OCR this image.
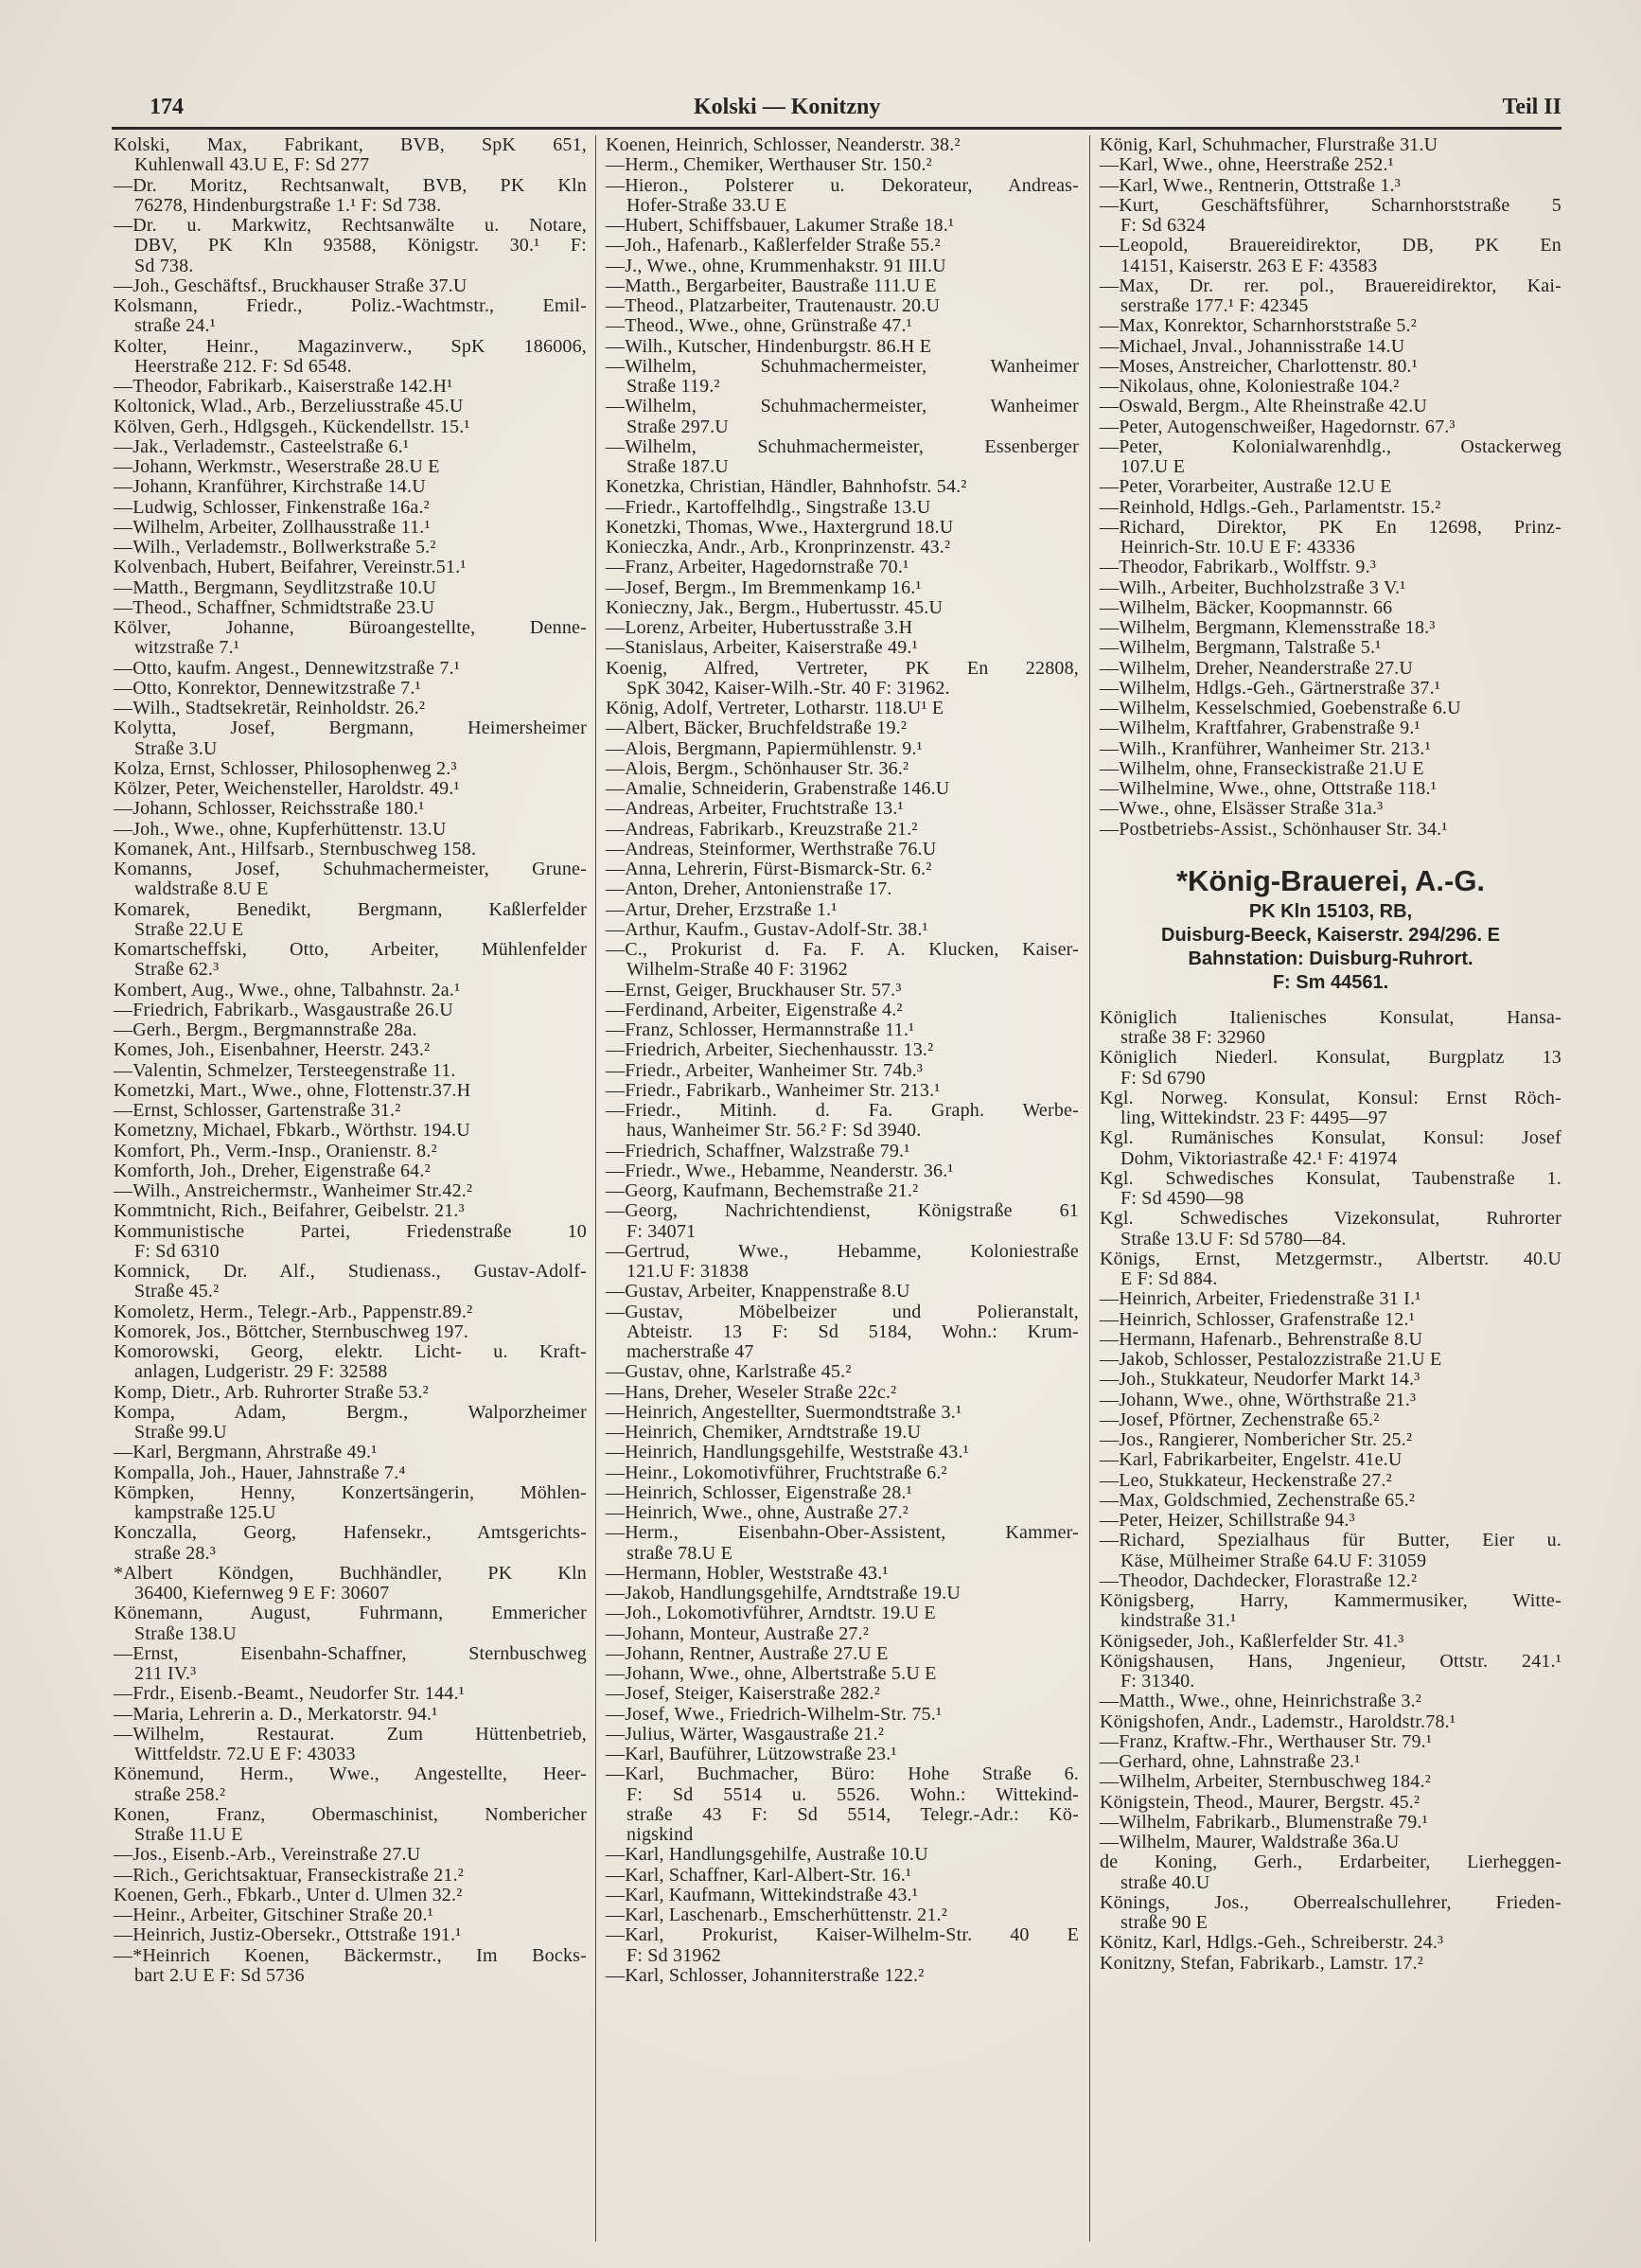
174	Kolski — Konitzny	Teil II
Kolski, Max, Fabrikant, BVB, SpK 651,
Kuhlenwall 43.U E, F: Sd 277
—Dr. Moritz, Rechtsanwalt, BVB, PK Kln
76278, Hindenburgstraße 1.¹ F: Sd 738.
—Dr. u. Markwitz, Rechtsanwälte u. Notare,
DBV, PK Kln 93588, Königstr. 30.¹ F:
Sd 738.
—Joh., Geschäftsf., Bruckhauser Straße 37.U
Kolsmann, Friedr., Poliz.-Wachtmstr., Emil-
straße 24.¹
Kolter, Heinr., Magazinverw., SpK 186006,
Heerstraße 212. F: Sd 6548.
—Theodor, Fabrikarb., Kaiserstraße 142.H¹
Koltonick, Wlad., Arb., Berzeliusstraße 45.U
Kölven, Gerh., Hdlgsgeh., Kückendellstr. 15.¹
—Jak., Verlademstr., Casteelstraße 6.¹
—Johann, Werkmstr., Weserstraße 28.U E
—Johann, Kranführer, Kirchstraße 14.U
—Ludwig, Schlosser, Finkenstraße 16a.²
—Wilhelm, Arbeiter, Zollhausstraße 11.¹
—Wilh., Verlademstr., Bollwerkstraße 5.²
Kolvenbach, Hubert, Beifahrer, Vereinstr.51.¹
—Matth., Bergmann, Seydlitzstraße 10.U
—Theod., Schaffner, Schmidtstraße 23.U
Kölver, Johanne, Büroangestellte, Denne-
witzstraße 7.¹
—Otto, kaufm. Angest., Dennewitzstraße 7.¹
—Otto, Konrektor, Dennewitzstraße 7.¹
—Wilh., Stadtsekretär, Reinholdstr. 26.²
Kolytta, Josef, Bergmann, Heimersheimer
Straße 3.U
Kolza, Ernst, Schlosser, Philosophenweg 2.³
Kölzer, Peter, Weichensteller, Haroldstr. 49.¹
—Johann, Schlosser, Reichsstraße 180.¹
—Joh., Wwe., ohne, Kupferhüttenstr. 13.U
Komanek, Ant., Hilfsarb., Sternbuschweg 158.
Komanns, Josef, Schuhmachermeister, Grune-
waldstraße 8.U E
Komarek, Benedikt, Bergmann, Kaßlerfelder
Straße 22.U E
Komartscheffski, Otto, Arbeiter, Mühlenfelder
Straße 62.³
Kombert, Aug., Wwe., ohne, Talbahnstr. 2a.¹
—Friedrich, Fabrikarb., Wasgaustraße 26.U
—Gerh., Bergm., Bergmannstraße 28a.
Komes, Joh., Eisenbahner, Heerstr. 243.²
—Valentin, Schmelzer, Tersteegenstraße 11.
Kometzki, Mart., Wwe., ohne, Flottenstr.37.H
—Ernst, Schlosser, Gartenstraße 31.²
Kometzny, Michael, Fbkarb., Wörthstr. 194.U
Komfort, Ph., Verm.-Insp., Oranienstr. 8.²
Komforth, Joh., Dreher, Eigenstraße 64.²
—Wilh., Anstreichermstr., Wanheimer Str.42.²
Kommtnicht, Rich., Beifahrer, Geibelstr. 21.³
Kommunistische Partei, Friedenstraße 10
F: Sd 6310
Komnick, Dr. Alf., Studienass., Gustav-Adolf-
Straße 45.²
Komoletz, Herm., Telegr.-Arb., Pappenstr.89.²
Komorek, Jos., Böttcher, Sternbuschweg 197.
Komorowski, Georg, elektr. Licht- u. Kraft-
anlagen, Ludgeristr. 29 F: 32588
Komp, Dietr., Arb. Ruhrorter Straße 53.²
Kompa, Adam, Bergm., Walporzheimer
Straße 99.U
—Karl, Bergmann, Ahrstraße 49.¹
Kompalla, Joh., Hauer, Jahnstraße 7.⁴
Kömpken, Henny, Konzertsängerin, Möhlen-
kampstraße 125.U
Konczalla, Georg, Hafensekr., Amtsgerichts-
straße 28.³
*Albert Köndgen, Buchhändler, PK Kln
36400, Kiefernweg 9 E F: 30607
Könemann, August, Fuhrmann, Emmericher
Straße 138.U
—Ernst, Eisenbahn-Schaffner, Sternbuschweg
211 IV.³
—Frdr., Eisenb.-Beamt., Neudorfer Str. 144.¹
—Maria, Lehrerin a. D., Merkatorstr. 94.¹
—Wilhelm, Restaurat. Zum Hüttenbetrieb,
Wittfeldstr. 72.U E F: 43033
Könemund, Herm., Wwe., Angestellte, Heer-
straße 258.²
Konen, Franz, Obermaschinist, Nombericher
Straße 11.U E
—Jos., Eisenb.-Arb., Vereinstraße 27.U
—Rich., Gerichtsaktuar, Franseckistraße 21.²
Koenen, Gerh., Fbkarb., Unter d. Ulmen 32.²
—Heinr., Arbeiter, Gitschiner Straße 20.¹
—Heinrich, Justiz-Obersekr., Ottstraße 191.¹
—*Heinrich Koenen, Bäckermstr., Im Bocks-
bart 2.U E F: Sd 5736
Koenen, Heinrich, Schlosser, Neanderstr. 38.²
—Herm., Chemiker, Werthauser Str. 150.²
—Hieron., Polsterer u. Dekorateur, Andreas-
Hofer-Straße 33.U E
—Hubert, Schiffsbauer, Lakumer Straße 18.¹
—Joh., Hafenarb., Kaßlerfelder Straße 55.²
—J., Wwe., ohne, Krummenhakstr. 91 III.U
—Matth., Bergarbeiter, Baustraße 111.U E
—Theod., Platzarbeiter, Trautenaustr. 20.U
—Theod., Wwe., ohne, Grünstraße 47.¹
—Wilh., Kutscher, Hindenburgstr. 86.H E
—Wilhelm, Schuhmachermeister, Wanheimer
Straße 119.²
—Wilhelm, Schuhmachermeister, Wanheimer
Straße 297.U
—Wilhelm, Schuhmachermeister, Essenberger
Straße 187.U
Konetzka, Christian, Händler, Bahnhofstr. 54.²
—Friedr., Kartoffelhdlg., Singstraße 13.U
Konetzki, Thomas, Wwe., Haxtergrund 18.U
Konieczka, Andr., Arb., Kronprinzenstr. 43.²
—Franz, Arbeiter, Hagedornstraße 70.¹
—Josef, Bergm., Im Bremmenkamp 16.¹
Konieczny, Jak., Bergm., Hubertusstr. 45.U
—Lorenz, Arbeiter, Hubertusstraße 3.H
—Stanislaus, Arbeiter, Kaiserstraße 49.¹
Koenig, Alfred, Vertreter, PK En 22808,
SpK 3042, Kaiser-Wilh.-Str. 40 F: 31962.
König, Adolf, Vertreter, Lotharstr. 118.U¹ E
—Albert, Bäcker, Bruchfeldstraße 19.²
—Alois, Bergmann, Papiermühlenstr. 9.¹
—Alois, Bergm., Schönhauser Str. 36.²
—Amalie, Schneiderin, Grabenstraße 146.U
—Andreas, Arbeiter, Fruchtstraße 13.¹
—Andreas, Fabrikarb., Kreuzstraße 21.²
—Andreas, Steinformer, Werthstraße 76.U
—Anna, Lehrerin, Fürst-Bismarck-Str. 6.²
—Anton, Dreher, Antonienstraße 17.
—Artur, Dreher, Erzstraße 1.¹
—Arthur, Kaufm., Gustav-Adolf-Str. 38.¹
—C., Prokurist d. Fa. F. A. Klucken, Kaiser-
Wilhelm-Straße 40 F: 31962
—Ernst, Geiger, Bruckhauser Str. 57.³
—Ferdinand, Arbeiter, Eigenstraße 4.²
—Franz, Schlosser, Hermannstraße 11.¹
—Friedrich, Arbeiter, Siechenhausstr. 13.²
—Friedr., Arbeiter, Wanheimer Str. 74b.³
—Friedr., Fabrikarb., Wanheimer Str. 213.¹
—Friedr., Mitinh. d. Fa. Graph. Werbe-
haus, Wanheimer Str. 56.² F: Sd 3940.
—Friedrich, Schaffner, Walzstraße 79.¹
—Friedr., Wwe., Hebamme, Neanderstr. 36.¹
—Georg, Kaufmann, Bechemstraße 21.²
—Georg, Nachrichtendienst, Königstraße 61
F: 34071
—Gertrud, Wwe., Hebamme, Koloniestraße
121.U F: 31838
—Gustav, Arbeiter, Knappenstraße 8.U
—Gustav, Möbelbeizer und Polieranstalt,
Abteistr. 13 F: Sd 5184, Wohn.: Krum-
macherstraße 47
—Gustav, ohne, Karlstraße 45.²
—Hans, Dreher, Weseler Straße 22c.²
—Heinrich, Angestellter, Suermondtstraße 3.¹
—Heinrich, Chemiker, Arndtstraße 19.U
—Heinrich, Handlungsgehilfe, Weststraße 43.¹
—Heinr., Lokomotivführer, Fruchtstraße 6.²
—Heinrich, Schlosser, Eigenstraße 28.¹
—Heinrich, Wwe., ohne, Austraße 27.²
—Herm., Eisenbahn-Ober-Assistent, Kammer-
straße 78.U E
—Hermann, Hobler, Weststraße 43.¹
—Jakob, Handlungsgehilfe, Arndtstraße 19.U
—Joh., Lokomotivführer, Arndtstr. 19.U E
—Johann, Monteur, Austraße 27.²
—Johann, Rentner, Austraße 27.U E
—Johann, Wwe., ohne, Albertstraße 5.U E
—Josef, Steiger, Kaiserstraße 282.²
—Josef, Wwe., Friedrich-Wilhelm-Str. 75.¹
—Julius, Wärter, Wasgaustraße 21.²
—Karl, Bauführer, Lützowstraße 23.¹
—Karl, Buchmacher, Büro: Hohe Straße 6.
F: Sd 5514 u. 5526. Wohn.: Wittekind-
straße 43 F: Sd 5514, Telegr.-Adr.: Kö-
nigskind
—Karl, Handlungsgehilfe, Austraße 10.U
—Karl, Schaffner, Karl-Albert-Str. 16.¹
—Karl, Kaufmann, Wittekindstraße 43.¹
—Karl, Laschenarb., Emscherhüttenstr. 21.²
—Karl, Prokurist, Kaiser-Wilhelm-Str. 40 E
F: Sd 31962
—Karl, Schlosser, Johanniterstraße 122.²
König, Karl, Schuhmacher, Flurstraße 31.U
—Karl, Wwe., ohne, Heerstraße 252.¹
—Karl, Wwe., Rentnerin, Ottstraße 1.³
—Kurt, Geschäftsführer, Scharnhorststraße 5
F: Sd 6324
—Leopold, Brauereidirektor, DB, PK En
14151, Kaiserstr. 263 E F: 43583
—Max, Dr. rer. pol., Brauereidirektor, Kai-
serstraße 177.¹ F: 42345
—Max, Konrektor, Scharnhorststraße 5.²
—Michael, Jnval., Johannisstraße 14.U
—Moses, Anstreicher, Charlottenstr. 80.¹
—Nikolaus, ohne, Koloniestraße 104.²
—Oswald, Bergm., Alte Rheinstraße 42.U
—Peter, Autogenschweißer, Hagedornstr. 67.³
—Peter, Kolonialwarenhdlg., Ostackerweg
107.U E
—Peter, Vorarbeiter, Austraße 12.U E
—Reinhold, Hdlgs.-Geh., Parlamentstr. 15.²
—Richard, Direktor, PK En 12698, Prinz-
Heinrich-Str. 10.U E F: 43336
—Theodor, Fabrikarb., Wolffstr. 9.³
—Wilh., Arbeiter, Buchholzstraße 3 V.¹
—Wilhelm, Bäcker, Koopmannstr. 66
—Wilhelm, Bergmann, Klemensstraße 18.³
—Wilhelm, Bergmann, Talstraße 5.¹
—Wilhelm, Dreher, Neanderstraße 27.U
—Wilhelm, Hdlgs.-Geh., Gärtnerstraße 37.¹
—Wilhelm, Kesselschmied, Goebenstraße 6.U
—Wilhelm, Kraftfahrer, Grabenstraße 9.¹
—Wilh., Kranführer, Wanheimer Str. 213.¹
—Wilhelm, ohne, Franseckistraße 21.U E
—Wilhelmine, Wwe., ohne, Ottstraße 118.¹
—Wwe., ohne, Elsässer Straße 31a.³
—Postbetriebs-Assist., Schönhauser Str. 34.¹
*König-Brauerei, A.-G.
PK Kln 15103, RB,
Duisburg-Beeck, Kaiserstr. 294/296. E
Bahnstation: Duisburg-Ruhrort.
F: Sm 44561.
Königlich Italienisches Konsulat, Hansa-
straße 38 F: 32960
Königlich Niederl. Konsulat, Burgplatz 13
F: Sd 6790
Kgl. Norweg. Konsulat, Konsul: Ernst Röch-
ling, Wittekindstr. 23 F: 4495—97
Kgl. Rumänisches Konsulat, Konsul: Josef
Dohm, Viktoriastraße 42.¹ F: 41974
Kgl. Schwedisches Konsulat, Taubenstraße 1.
F: Sd 4590—98
Kgl. Schwedisches Vizekonsulat, Ruhrorter
Straße 13.U F: Sd 5780—84.
Königs, Ernst, Metzgermstr., Albertstr. 40.U
E F: Sd 884.
—Heinrich, Arbeiter, Friedenstraße 31 I.¹
—Heinrich, Schlosser, Grafenstraße 12.¹
—Hermann, Hafenarb., Behrenstraße 8.U
—Jakob, Schlosser, Pestalozzistraße 21.U E
—Joh., Stukkateur, Neudorfer Markt 14.³
—Johann, Wwe., ohne, Wörthstraße 21.³
—Josef, Pförtner, Zechenstraße 65.²
—Jos., Rangierer, Nombericher Str. 25.²
—Karl, Fabrikarbeiter, Engelstr. 41e.U
—Leo, Stukkateur, Heckenstraße 27.²
—Max, Goldschmied, Zechenstraße 65.²
—Peter, Heizer, Schillstraße 94.³
—Richard, Spezialhaus für Butter, Eier u.
Käse, Mülheimer Straße 64.U F: 31059
—Theodor, Dachdecker, Florastraße 12.²
Königsberg, Harry, Kammermusiker, Witte-
kindstraße 31.¹
Königseder, Joh., Kaßlerfelder Str. 41.³
Königshausen, Hans, Jngenieur, Ottstr. 241.¹
F: 31340.
—Matth., Wwe., ohne, Heinrichstraße 3.²
Königshofen, Andr., Lademstr., Haroldstr.78.¹
—Franz, Kraftw.-Fhr., Werthauser Str. 79.¹
—Gerhard, ohne, Lahnstraße 23.¹
—Wilhelm, Arbeiter, Sternbuschweg 184.²
Königstein, Theod., Maurer, Bergstr. 45.²
—Wilhelm, Fabrikarb., Blumenstraße 79.¹
—Wilhelm, Maurer, Waldstraße 36a.U
de Koning, Gerh., Erdarbeiter, Lierheggen-
straße 40.U
Könings, Jos., Oberrealschullehrer, Frieden-
straße 90 E
Könitz, Karl, Hdlgs.-Geh., Schreiberstr. 24.³
Konitzny, Stefan, Fabrikarb., Lamstr. 17.²
